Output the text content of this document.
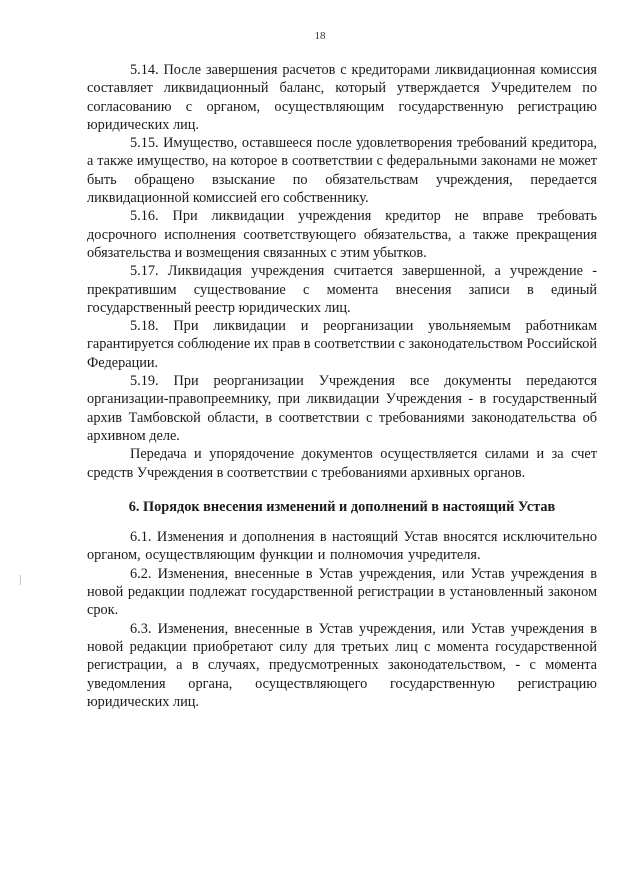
18

5.14. После завершения расчетов с кредиторами ликвидационная комиссия составляет ликвидационный баланс, который утверждается Учредителем по согласованию с органом, осуществляющим государственную регистрацию юридических лиц.

5.15. Имущество, оставшееся после удовлетворения требований кредитора, а также имущество, на которое в соответствии с федеральными законами не может быть обращено взыскание по обязательствам учреждения, передается ликвидационной комиссией его собственнику.

5.16. При ликвидации учреждения кредитор не вправе требовать досрочного исполнения соответствующего обязательства, а также прекращения обязательства и возмещения связанных с этим убытков.

5.17. Ликвидация учреждения считается завершенной, а учреждение - прекратившим существование с момента внесения записи в единый государственный реестр юридических лиц.

5.18. При ликвидации и реорганизации увольняемым работникам гарантируется соблюдение их прав в соответствии с законодательством Российской Федерации.

5.19. При реорганизации Учреждения все документы передаются организации-правопреемнику, при ликвидации Учреждения - в государственный архив Тамбовской области, в соответствии с требованиями законодательства об архивном деле.

Передача и упорядочение документов осуществляется силами и за счет средств Учреждения в соответствии с требованиями архивных органов.

6. Порядок внесения изменений и дополнений в настоящий Устав

6.1. Изменения и дополнения в настоящий Устав вносятся исключительно органом, осуществляющим функции и полномочия учредителя.

6.2. Изменения, внесенные в Устав учреждения, или Устав учреждения в новой редакции подлежат государственной регистрации в установленный законом срок.

6.3. Изменения, внесенные в Устав учреждения, или Устав учреждения в новой редакции приобретают силу для третьих лиц с момента государственной регистрации, а в случаях, предусмотренных законодательством, - с момента уведомления органа, осуществляющего государственную регистрацию юридических лиц.
